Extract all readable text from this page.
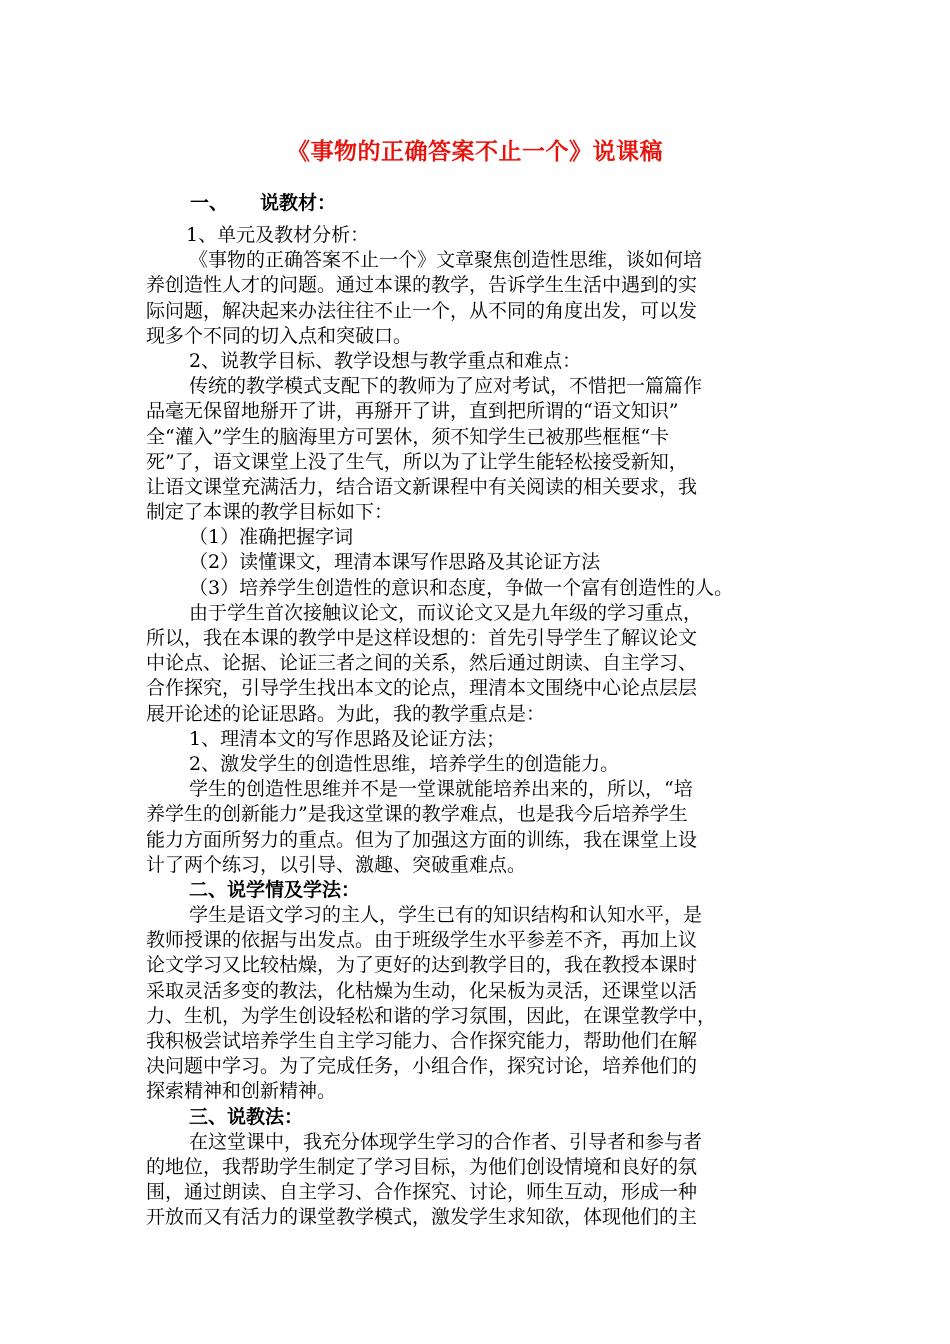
《事物的正确答案不止一个》说课稿
一、 说教材：
1、单元及教材分析：
《事物的正确答案不止一个》文章聚焦创造性思维，谈如何培
养创造性人才的问题。通过本课的教学，告诉学生生活中遇到的实
际问题，解决起来办法往往不止一个，从不同的角度出发，可以发
现多个不同的切入点和突破口。
2、说教学目标、教学设想与教学重点和难点：
传统的教学模式支配下的教师为了应对考试，不惜把一篇篇作
品毫无保留地掰开了讲，再掰开了讲，直到把所谓的“语文知识”
全“灌入”学生的脑海里方可罢休，须不知学生已被那些框框“卡
死”了，语文课堂上没了生气，所以为了让学生能轻松接受新知，
让语文课堂充满活力，结合语文新课程中有关阅读的相关要求，我
制定了本课的教学目标如下：
（1）准确把握字词
（2）读懂课文，理清本课写作思路及其论证方法
（3）培养学生创造性的意识和态度，争做一个富有创造性的人。
由于学生首次接触议论文，而议论文又是九年级的学习重点，
所以，我在本课的教学中是这样设想的：首先引导学生了解议论文
中论点、论据、论证三者之间的关系，然后通过朗读、自主学习、
合作探究，引导学生找出本文的论点，理清本文围绕中心论点层层
展开论述的论证思路。为此，我的教学重点是：
1、理清本文的写作思路及论证方法；
2、激发学生的创造性思维，培养学生的创造能力。
学生的创造性思维并不是一堂课就能培养出来的，所以，“培
养学生的创新能力”是我这堂课的教学难点，也是我今后培养学生
能力方面所努力的重点。但为了加强这方面的训练，我在课堂上设
计了两个练习，以引导、激趣、突破重难点。
二、说学情及学法：
学生是语文学习的主人，学生已有的知识结构和认知水平，是
教师授课的依据与出发点。由于班级学生水平参差不齐，再加上议
论文学习又比较枯燥，为了更好的达到教学目的，我在教授本课时
采取灵活多变的教法，化枯燥为生动，化呆板为灵活，还课堂以活
力、生机，为学生创设轻松和谐的学习氛围，因此，在课堂教学中，
我积极尝试培养学生自主学习能力、合作探究能力，帮助他们在解
决问题中学习。为了完成任务，小组合作，探究讨论，培养他们的
探索精神和创新精神。
三、说教法：
在这堂课中，我充分体现学生学习的合作者、引导者和参与者
的地位，我帮助学生制定了学习目标，为他们创设情境和良好的氛
围，通过朗读、自主学习、合作探究、讨论，师生互动，形成一种
开放而又有活力的课堂教学模式，激发学生求知欲，体现他们的主
